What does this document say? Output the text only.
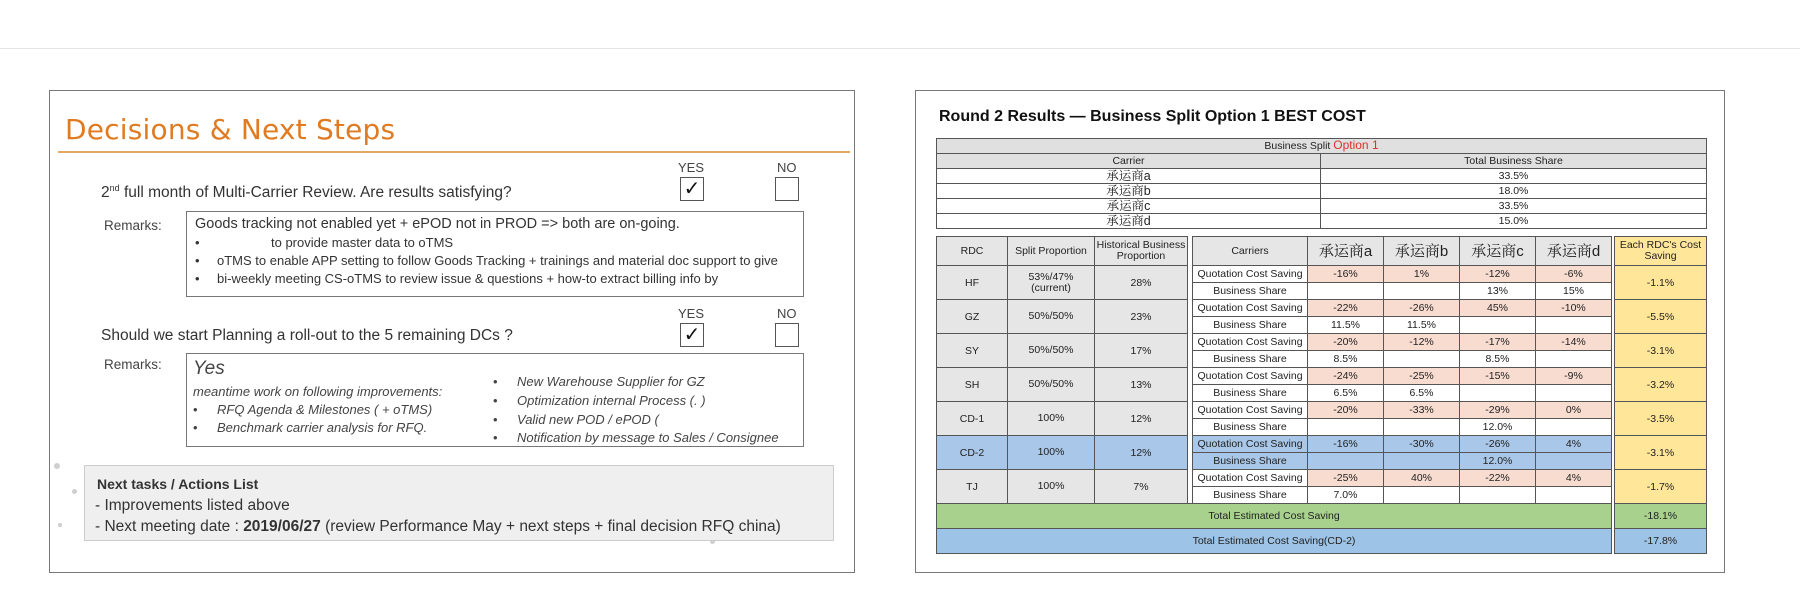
Decisions & Next Steps
YES	NO
✓
2nd full month of Multi-Carrier Review. Are results satisfying?
Remarks: Goods tracking not enabled yet + ePOD not in PROD => both are on-going.
•	to provide master data to oTMS
• oTMS to enable APP setting to follow Goods Tracking + trainings and material doc support to give
• bi-weekly meeting CS-oTMS to review issue & questions + how-to extract billing info by
YES	NO
✓
Should we start Planning a roll-out to the 5 remaining DCs ?
Remarks: Yes
meantime work on following improvements:
• RFQ Agenda & Milestones ( + oTMS)
• Benchmark carrier analysis for RFQ.
• New Warehouse Supplier for GZ
• Optimization internal Process (. )
• Valid new POD / ePOD (
• Notification by message to Sales / Consignee
Next tasks / Actions List
- Improvements listed above
- Next meeting date : 2019/06/27 (review Performance May + next steps + final decision RFQ china)
Round 2 Results — Business Split Option 1 BEST COST
Business Split Option 1	
Carrier	Total Business Share
承运商a	33.5%
承运商b	18.0%
承运商c	33.5%
承运商d	15.0%
RDC	Split Proportion	Historical Business Proportion		Carriers	承运商a	承运商b	承运商c	承运商d		Each RDC's Cost Saving
HF	53%/47% (current)	28%		Quotation Cost Saving	-16%	1%	-12%	-6%		-1.1%
				Business Share			13%	15%		
GZ	50%/50%	23%		Quotation Cost Saving	-22%	-26%	45%	-10%		-5.5%
				Business Share	11.5%	11.5%				
SY	50%/50%	17%		Quotation Cost Saving	-20%	-12%	-17%	-14%		-3.1%
				Business Share	8.5%		8.5%			
SH	50%/50%	13%		Quotation Cost Saving	-24%	-25%	-15%	-9%		-3.2%
				Business Share	6.5%	6.5%				
CD-1	100%	12%		Quotation Cost Saving	-20%	-33%	-29%	0%		-3.5%
				Business Share			12.0%			
CD-2	100%	12%		Quotation Cost Saving	-16%	-30%	-26%	4%		-3.1%
				Business Share			12.0%			
TJ	100%	7%		Quotation Cost Saving	-25%	40%	-22%	4%		-1.7%
				Business Share	7.0%					
Total Estimated Cost Saving										-18.1%
Total Estimated Cost Saving(CD-2)										-17.8%
